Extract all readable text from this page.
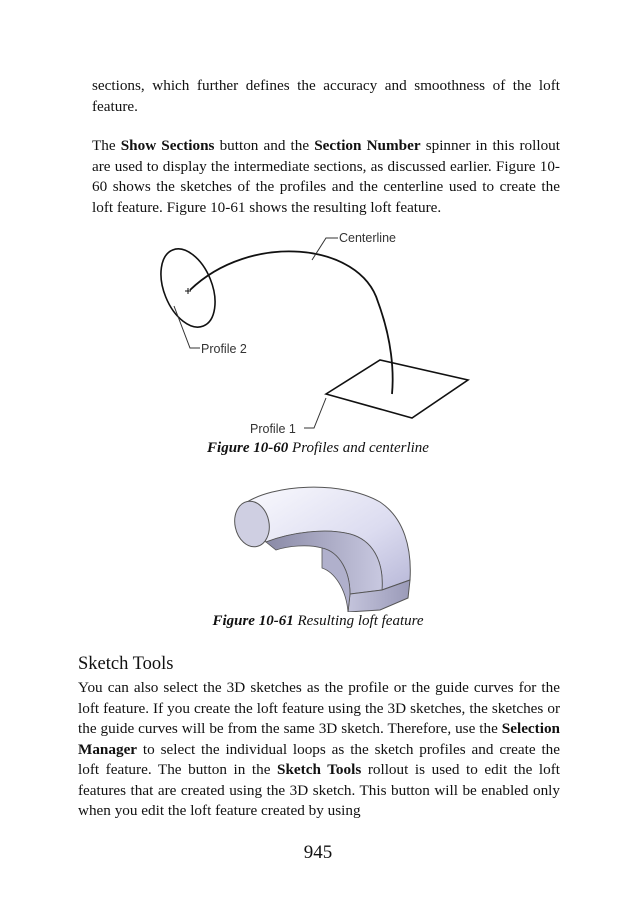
sections, which further defines the accuracy and smoothness of the loft feature.

The Show Sections button and the Section Number spinner in this rollout are used to display the intermediate sections, as discussed earlier. Figure 10-60 shows the sketches of the profiles and the centerline used to create the loft feature. Figure 10-61 shows the resulting loft feature.

Centerline
Profile 2
Profile 1
Figure 10-60 Profiles and centerline
Figure 10-61 Resulting loft feature
Sketch Tools

You can also select the 3D sketches as the profile or the guide curves for the loft feature. If you create the loft feature using the 3D sketches, the sketches or the guide curves will be from the same 3D sketch. Therefore, use the Selection Manager to select the individual loops as the sketch profiles and create the loft feature. The button in the Sketch Tools rollout is used to edit the loft features that are created using the 3D sketch. This button will be enabled only when you edit the loft feature created by using

945
